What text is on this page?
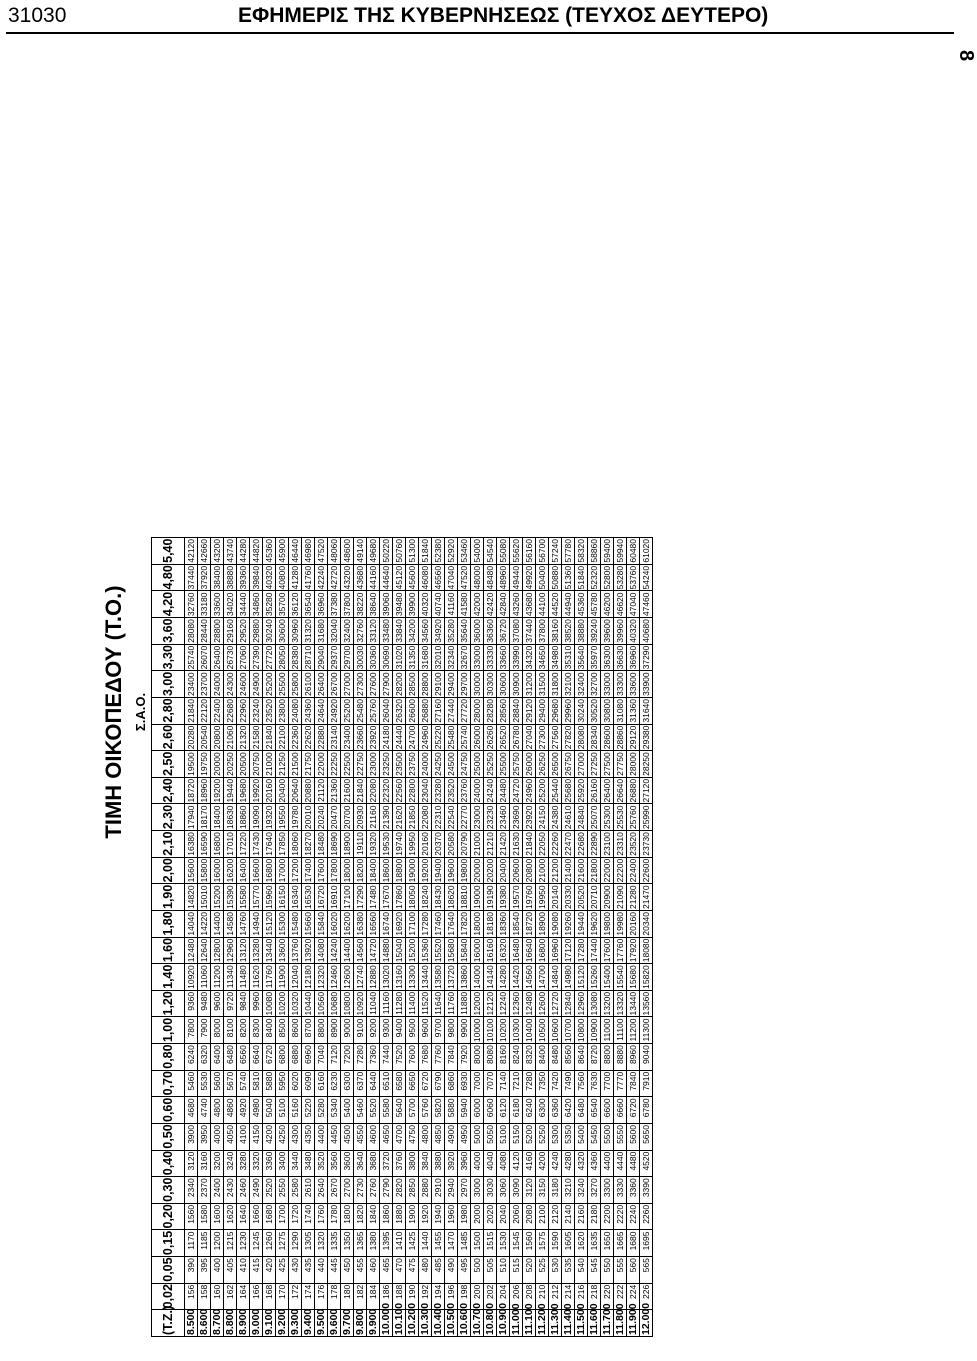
31030	ΕΦΗΜΕΡΙΣ ΤΗΣ ΚΥΒΕΡΝΗΣΕΩΣ (ΤΕΥΧΟΣ ΔΕΥΤΕΡΟ)
ΤΙΜΗ ΟΙΚΟΠΕΔΟΥ (Τ.Ο.) Σ.Α.Ο.
(Τ.Ζ.)	0,02	0,05	0,15	0,20	0,30	0,40	0,50	0,60	0,70	0,80	1,00	1,20	1,40	1,60	1,80	1,90	2,00	2,10	2,30	2,40	2,50	2,60	2,80	3,00	3,30	3,60	4,20	4,80	5,40
8.500	156	390	1170	1560	2340	3120	3900	4680	5460	6240	7800	9360	10920	12480	14040	14820	15600	16380	17940	18720	19500	20280	21840	23400	25740	28080	32760	37440	42120
8.600	158	395	1185	1580	2370	3160	3950	4740	5530	6320	7900	9480	11060	12640	14220	15010	15800	16590	18170	18960	19750	20540	22120	23700	26070	28440	33180	37920	42660
8.700	160	400	1200	1600	2400	3200	4000	4800	5600	6400	8000	9600	11200	12800	14400	15200	16000	16800	18400	19200	20000	20800	22400	24000	26400	28800	33600	38400	43200
8.800	162	405	1215	1620	2430	3240	4050	4860	5670	6480	8100	9720	11340	12960	14580	15390	16200	17010	18630	19440	20250	21060	22680	24300	26730	29160	34020	38880	43740
8.900	164	410	1230	1640	2460	3280	4100	4920	5740	6560	8200	9840	11480	13120	14760	15580	16400	17220	18860	19680	20500	21320	22960	24600	27060	29520	34440	39360	44280
9.000	166	415	1245	1660	2490	3320	4150	4980	5810	6640	8300	9960	11620	13280	14940	15770	16600	17430	19090	19920	20750	21580	23240	24900	27390	29880	34860	39840	44820
9.100	168	420	1260	1680	2520	3360	4200	5040	5880	6720	8400	10080	11760	13440	15120	15960	16800	17640	19320	20160	21000	21840	23520	25200	27720	30240	35280	40320	45360
9.200	170	425	1275	1700	2550	3400	4250	5100	5950	6800	8500	10200	11900	13600	15300	16150	17000	17850	19550	20400	21250	22100	23800	25500	28050	30600	35700	40800	45900
9.300	172	430	1290	1720	2580	3440	4300	5160	6020	6880	8600	10320	12040	13760	15480	16340	17200	18060	19780	20640	21500	22360	24080	25800	28380	30960	36120	41280	46440
9.400	174	435	1305	1740	2610	3480	4350	5220	6090	6960	8700	10440	12180	13920	15660	16530	17400	18270	20010	20880	21750	22620	24360	26100	28710	31320	36540	41760	46980
9.500	176	440	1320	1760	2640	3520	4400	5280	6160	7040	8800	10560	12320	14080	15840	16720	17600	18480	20240	21120	22000	22880	24640	26400	29040	31680	36960	42240	47520
9.600	178	445	1335	1780	2670	3560	4450	5340	6230	7120	8900	10680	12460	14240	16020	16910	17800	18690	20470	21360	22250	23140	24920	26700	29370	32040	37380	42720	48060
9.700	180	450	1350	1800	2700	3600	4500	5400	6300	7200	9000	10800	12600	14400	16200	17100	18000	18900	20700	21600	22500	23400	25200	27000	29700	32400	37800	43200	48600
9.800	182	455	1365	1820	2730	3640	4550	5460	6370	7280	9100	10920	12740	14560	16380	17290	18200	19110	20930	21840	22750	23660	25480	27300	30030	32760	38220	43680	49140
9.900	184	460	1380	1840	2760	3680	4600	5520	6440	7360	9200	11040	12880	14720	16560	17480	18400	19320	21160	22080	23000	23920	25760	27600	30360	33120	38640	44160	49680
10.000	186	465	1395	1860	2790	3720	4650	5580	6510	7440	9300	11160	13020	14880	16740	17670	18600	19530	21390	22320	23250	24180	26040	27900	30690	33480	39060	44640	50220
10.100	188	470	1410	1880	2820	3760	4700	5640	6580	7520	9400	11280	13160	15040	16920	17860	18800	19740	21620	22560	23500	24440	26320	28200	31020	33840	39480	45120	50760
10.200	190	475	1425	1900	2850	3800	4750	5700	6650	7600	9500	11400	13300	15200	17100	18050	19000	19950	21850	22800	23750	24700	26600	28500	31350	34200	39900	45600	51300
10.300	192	480	1440	1920	2880	3840	4800	5760	6720	7680	9600	11520	13440	15360	17280	18240	19200	20160	22080	23040	24000	24960	26880	28800	31680	34560	40320	46080	51840
10.400	194	485	1455	1940	2910	3880	4850	5820	6790	7760	9700	11640	13580	15520	17460	18430	19400	20370	22310	23280	24250	25220	27160	29100	32010	34920	40740	46560	52380
10.500	196	490	1470	1960	2940	3920	4900	5880	6860	7840	9800	11760	13720	15680	17640	18620	19600	20580	22540	23520	24500	25480	27440	29400	32340	35280	41160	47040	52920
10.600	198	495	1485	1980	2970	3960	4950	5940	6930	7920	9900	11880	13860	15840	17820	18810	19800	20790	22770	23760	24750	25740	27720	29700	32670	35640	41580	47520	53460
10.700	200	500	1500	2000	3000	4000	5000	6000	7000	8000	10000	12000	14000	16000	18000	19000	20000	21000	23000	24000	25000	26000	28000	30000	33000	36000	42000	48000	54000
10.800	202	505	1515	2020	3030	4040	5050	6060	7070	8080	10100	12120	14140	16160	18180	19190	20200	21210	23230	24240	25250	26260	28280	30300	33330	36360	42420	48480	54540
10.900	204	510	1530	2040	3060	4080	5100	6120	7140	8160	10200	12240	14280	16320	18360	19380	20400	21420	23460	24480	25500	26520	28560	30600	33660	36720	42840	48960	55080
11.000	206	515	1545	2060	3090	4120	5150	6180	7210	8240	10300	12360	14420	16480	18540	19570	20600	21630	23690	24720	25750	26780	28840	30900	33990	37080	43260	49440	55620
11.100	208	520	1560	2080	3120	4160	5200	6240	7280	8320	10400	12480	14560	16640	18720	19760	20800	21840	23920	24960	26000	27040	29120	31200	34320	37440	43680	49920	56160
11.200	210	525	1575	2100	3150	4200	5250	6300	7350	8400	10500	12600	14700	16800	18900	19950	21000	22050	24150	25200	26250	27300	29400	31500	34650	37800	44100	50400	56700
11.300	212	530	1590	2120	3180	4240	5300	6360	7420	8480	10600	12720	14840	16960	19080	20140	21200	22260	24380	25440	26500	27560	29680	31800	34980	38160	44520	50880	57240
11.400	214	535	1605	2140	3210	4280	5350	6420	7490	8560	10700	12840	14980	17120	19260	20330	21400	22470	24610	25680	26750	27820	29960	32100	35310	38520	44940	51360	57780
11.500	216	540	1620	2160	3240	4320	5400	6480	7560	8640	10800	12960	15120	17280	19440	20520	21600	22680	24840	25920	27000	28080	30240	32400	35640	38880	45360	51840	58320
11.600	218	545	1635	2180	3270	4360	5450	6540	7630	8720	10900	13080	15260	17440	19620	20710	21800	22890	25070	26160	27250	28340	30520	32700	35970	39240	45780	52320	58860
11.700	220	550	1650	2200	3300	4400	5500	6600	7700	8800	11000	13200	15400	17600	19800	20900	22000	23100	25300	26400	27500	28600	30800	33000	36300	39600	46200	52800	59400
11.800	222	555	1665	2220	3330	4440	5550	6660	7770	8880	11100	13320	15540	17760	19980	21090	22200	23310	25530	26640	27750	28860	31080	33300	36630	39960	46620	53280	59940
11.900	224	560	1680	2240	3360	4480	5600	6720	7840	8960	11200	13440	15680	17920	20160	21280	22400	23520	25760	26880	28000	29120	31360	33600	36960	40320	47040	53760	60480
12.000	226	565	1695	2260	3390	4520	5650	6780	7910	9040	11300	13560	15820	18080	20340	21470	22600	23730	25990	27120	28250	29380	31640	33900	37290	40680	47460	54240	61020
8
